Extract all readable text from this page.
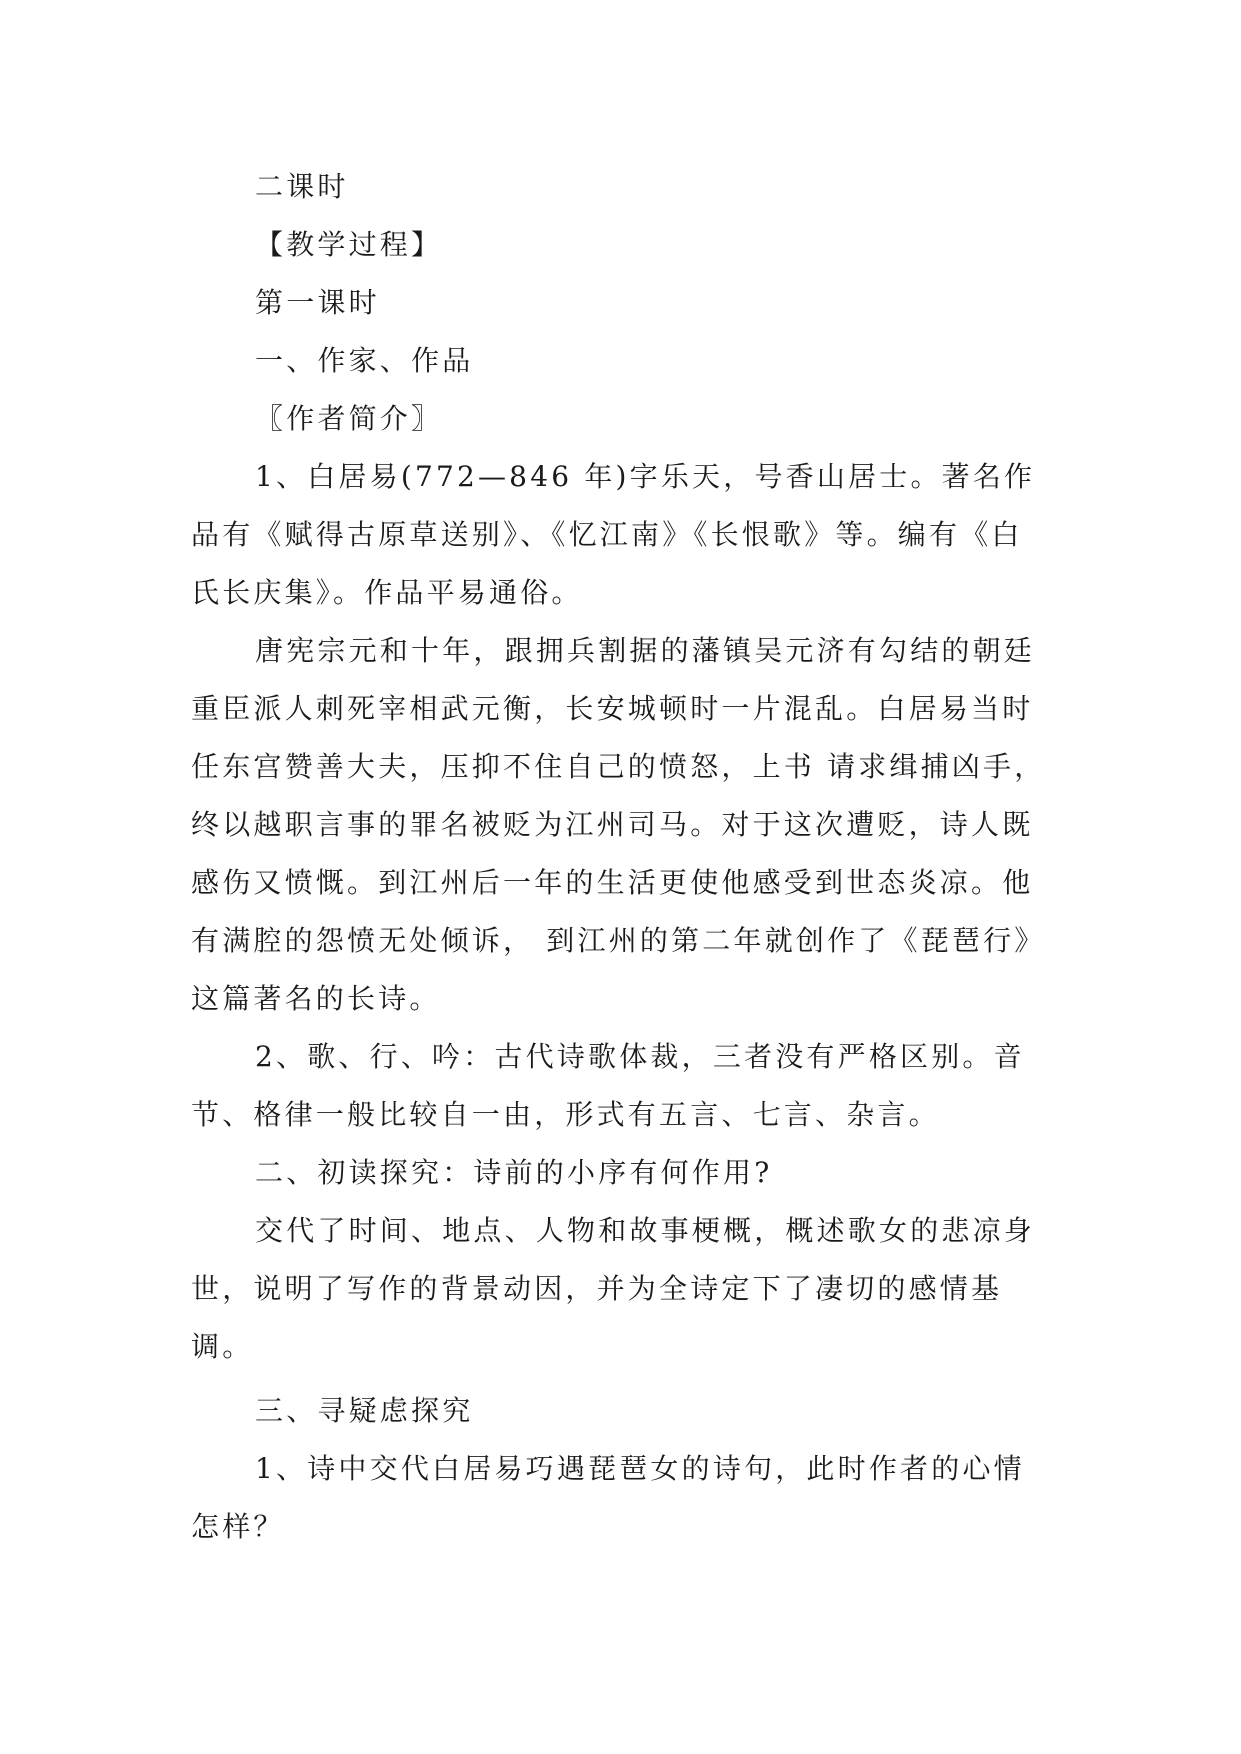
二课时

【教学过程】

第一课时

一、作家、作品

〖作者简介〗

1、白居易(772—846 年)字乐天，号香山居士。著名作品有《赋得古原草送别》、《忆江南》《长恨歌》等。编有《白氏长庆集》。作品平易通俗。

唐宪宗元和十年，跟拥兵割据的藩镇吴元济有勾结的朝廷重臣派人刺死宰相武元衡，长安城顿时一片混乱。白居易当时任东宫赞善大夫，压抑不住自己的愤怒，上书 请求缉捕凶手，终以越职言事的罪名被贬为江州司马。对于这次遭贬，诗人既感伤又愤慨。到江州后一年的生活更使他感受到世态炎凉。他有满腔的怨愤无处倾诉， 到江州的第二年就创作了《琵琶行》这篇著名的长诗。

2、歌、行、吟：古代诗歌体裁，三者没有严格区别。音节、格律一般比较自一由，形式有五言、七言、杂言。

二、初读探究：诗前的小序有何作用?

交代了时间、地点、人物和故事梗概，概述歌女的悲凉身世，说明了写作的背景动因，并为全诗定下了凄切的感情基调。

三、寻疑虑探究

1、诗中交代白居易巧遇琵琶女的诗句，此时作者的心情怎样？
